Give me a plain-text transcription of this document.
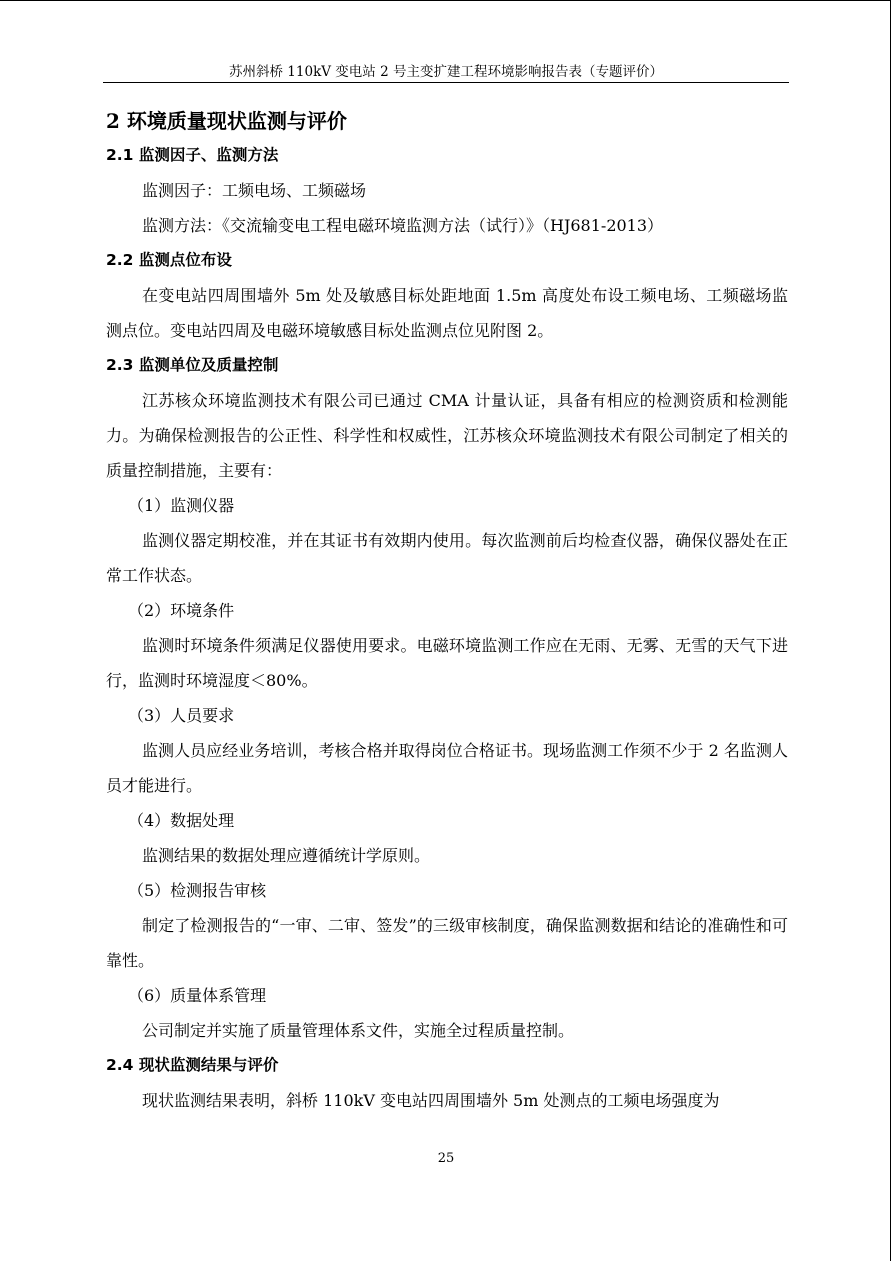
苏州斜桥 110kV 变电站 2 号主变扩建工程环境影响报告表（专题评价）
2 环境质量现状监测与评价
2.1 监测因子、监测方法
监测因子：工频电场、工频磁场
监测方法：《交流输变电工程电磁环境监测方法（试行）》（HJ681-2013）
2.2 监测点位布设
在变电站四周围墙外 5m 处及敏感目标处距地面 1.5m 高度处布设工频电场、工频磁场监测点位。变电站四周及电磁环境敏感目标处监测点位见附图 2。
2.3 监测单位及质量控制
江苏核众环境监测技术有限公司已通过 CMA 计量认证，具备有相应的检测资质和检测能力。为确保检测报告的公正性、科学性和权威性，江苏核众环境监测技术有限公司制定了相关的质量控制措施，主要有：
（1）监测仪器
监测仪器定期校准，并在其证书有效期内使用。每次监测前后均检查仪器，确保仪器处在正常工作状态。
（2）环境条件
监测时环境条件须满足仪器使用要求。电磁环境监测工作应在无雨、无雾、无雪的天气下进行，监测时环境湿度＜80%。
（3）人员要求
监测人员应经业务培训，考核合格并取得岗位合格证书。现场监测工作须不少于 2 名监测人员才能进行。
（4）数据处理
监测结果的数据处理应遵循统计学原则。
（5）检测报告审核
制定了检测报告的“一审、二审、签发”的三级审核制度，确保监测数据和结论的准确性和可靠性。
（6）质量体系管理
公司制定并实施了质量管理体系文件，实施全过程质量控制。
2.4 现状监测结果与评价
现状监测结果表明，斜桥 110kV 变电站四周围墙外 5m 处测点的工频电场强度为
25
